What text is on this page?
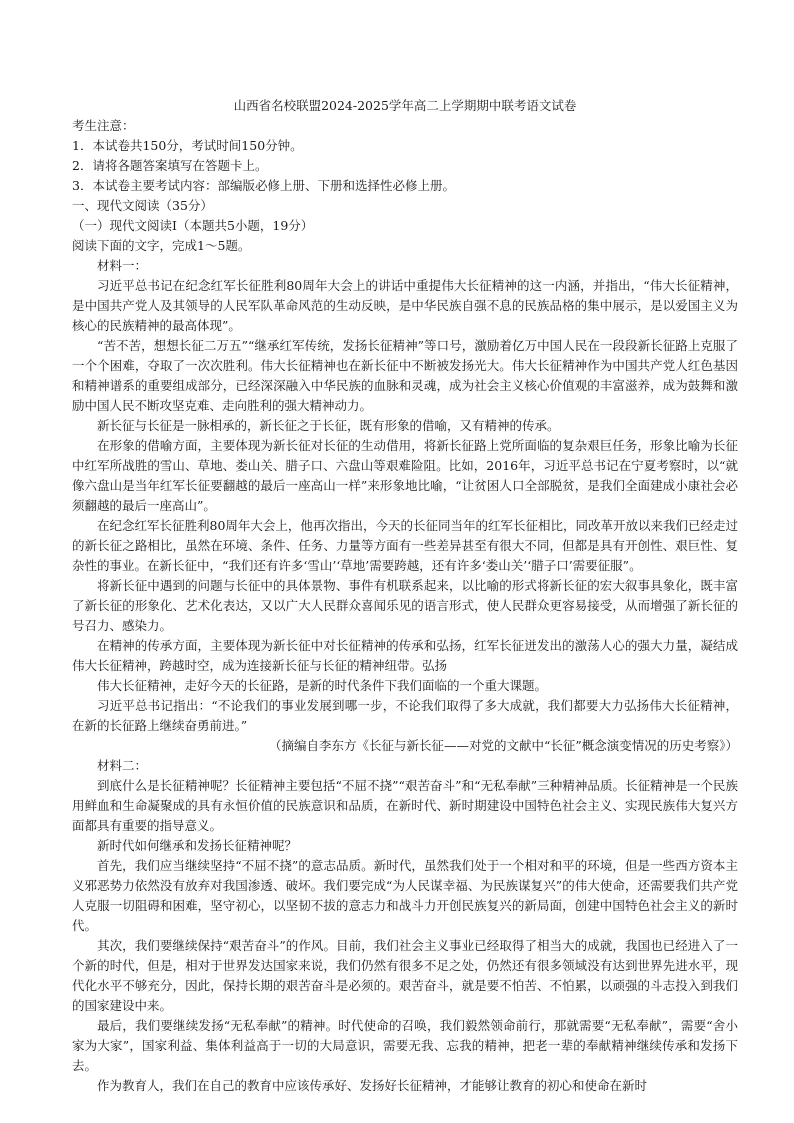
山西省名校联盟2024-2025学年高二上学期期中联考语文试卷

考生注意：

1．本试卷共150分，考试时间150分钟。

2．请将各题答案填写在答题卡上。

3．本试卷主要考试内容：部编版必修上册、下册和选择性必修上册。

一、现代文阅读（35分）

（一）现代文阅读Ⅰ（本题共5小题，19分）

阅读下面的文字，完成1～5题。

材料一：

习近平总书记在纪念红军长征胜利80周年大会上的讲话中重提伟大长征精神的这一内涵，并指出，“伟大长征精神，是中国共产党人及其领导的人民军队革命风范的生动反映，是中华民族自强不息的民族品格的集中展示，是以爱国主义为核心的民族精神的最高体现”。

“苦不苦，想想长征二万五”“继承红军传统，发扬长征精神”等口号，激励着亿万中国人民在一段段新长征路上克服了一个个困难，夺取了一次次胜利。伟大长征精神也在新长征中不断被发扬光大。伟大长征精神作为中国共产党人红色基因和精神谱系的重要组成部分，已经深深融入中华民族的血脉和灵魂，成为社会主义核心价值观的丰富滋养，成为鼓舞和激励中国人民不断攻坚克难、走向胜利的强大精神动力。

新长征与长征是一脉相承的，新长征之于长征，既有形象的借喻，又有精神的传承。

在形象的借喻方面，主要体现为新长征对长征的生动借用，将新长征路上党所面临的复杂艰巨任务，形象比喻为长征中红军所战胜的雪山、草地、娄山关、腊子口、六盘山等艰难险阻。比如，2016年，习近平总书记在宁夏考察时，以“就像六盘山是当年红军长征要翻越的最后一座高山一样”来形象地比喻，“让贫困人口全部脱贫，是我们全面建成小康社会必须翻越的最后一座高山”。

在纪念红军长征胜利80周年大会上，他再次指出，今天的长征同当年的红军长征相比，同改革开放以来我们已经走过的新长征之路相比，虽然在环境、条件、任务、力量等方面有一些差异甚至有很大不同，但都是具有开创性、艰巨性、复杂性的事业。在新长征中，“我们还有许多‘雪山’‘草地’需要跨越，还有许多‘娄山关’‘腊子口’需要征服”。

将新长征中遇到的问题与长征中的具体景物、事件有机联系起来，以比喻的形式将新长征的宏大叙事具象化，既丰富了新长征的形象化、艺术化表达，又以广大人民群众喜闻乐见的语言形式，使人民群众更容易接受，从而增强了新长征的号召力、感染力。

在精神的传承方面，主要体现为新长征中对长征精神的传承和弘扬，红军长征迸发出的激荡人心的强大力量，凝结成伟大长征精神，跨越时空，成为连接新长征与长征的精神纽带。弘扬

伟大长征精神，走好今天的长征路，是新的时代条件下我们面临的一个重大课题。

习近平总书记指出：“不论我们的事业发展到哪一步，不论我们取得了多大成就，我们都要大力弘扬伟大长征精神，在新的长征路上继续奋勇前进。”

（摘编自李东方《长征与新长征——对党的文献中“长征”概念演变情况的历史考察》）

材料二：

到底什么是长征精神呢？长征精神主要包括“不屈不挠”“艰苦奋斗”和“无私奉献”三种精神品质。长征精神是一个民族用鲜血和生命凝聚成的具有永恒价值的民族意识和品质，在新时代、新时期建设中国特色社会主义、实现民族伟大复兴方面都具有重要的指导意义。

新时代如何继承和发扬长征精神呢？

首先，我们应当继续坚持“不屈不挠”的意志品质。新时代，虽然我们处于一个相对和平的环境，但是一些西方资本主义邪恶势力依然没有放弃对我国渗透、破坏。我们要完成“为人民谋幸福、为民族谋复兴”的伟大使命，还需要我们共产党人克服一切阻碍和困难，坚守初心，以坚韧不拔的意志力和战斗力开创民族复兴的新局面，创建中国特色社会主义的新时代。

其次，我们要继续保持“艰苦奋斗”的作风。目前，我们社会主义事业已经取得了相当大的成就，我国也已经进入了一个新的时代，但是，相对于世界发达国家来说，我们仍然有很多不足之处，仍然还有很多领域没有达到世界先进水平，现代化水平不够充分，因此，保持长期的艰苦奋斗是必须的。艰苦奋斗，就是要不怕苦、不怕累，以顽强的斗志投入到我们的国家建设中来。

最后，我们要继续发扬“无私奉献”的精神。时代使命的召唤，我们毅然领命前行，那就需要“无私奉献”，需要“舍小家为大家”，国家利益、集体利益高于一切的大局意识，需要无我、忘我的精神，把老一辈的奉献精神继续传承和发扬下去。

作为教育人，我们在自己的教育中应该传承好、发扬好长征精神，才能够让教育的初心和使命在新时
